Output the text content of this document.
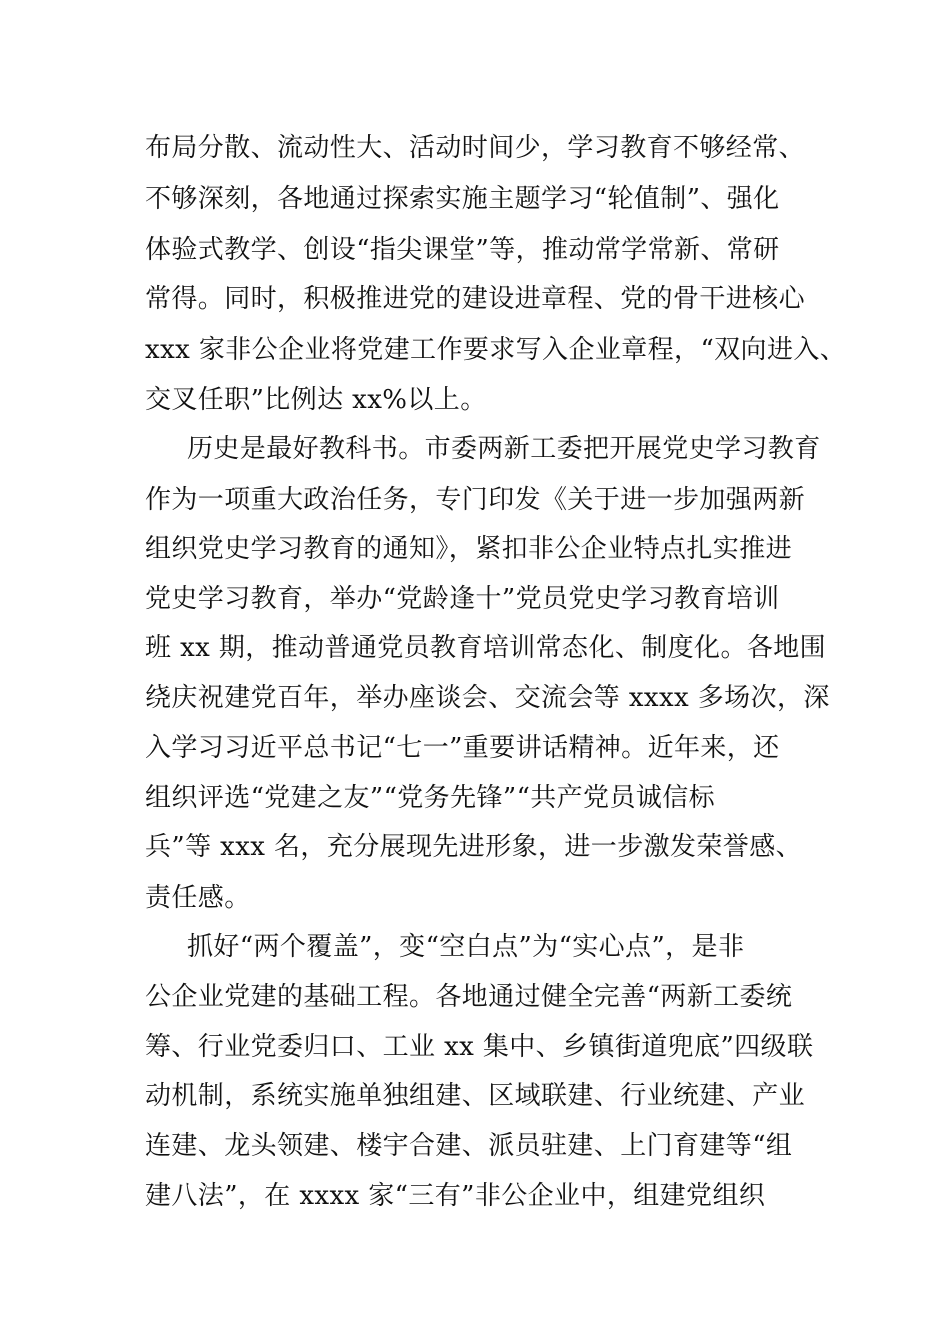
布局分散、流动性大、活动时间少，学习教育不够经常、

不够深刻，各地通过探索实施主题学习“轮值制”、强化

体验式教学、创设“指尖课堂”等，推动常学常新、常研

常得。同时，积极推进党的建设进章程、党的骨干进核心

xxx 家非公企业将党建工作要求写入企业章程，“双向进入、

交叉任职”比例达 xx%以上。

历史是最好教科书。市委两新工委把开展党史学习教育

作为一项重大政治任务，专门印发《关于进一步加强两新

组织党史学习教育的通知》，紧扣非公企业特点扎实推进

党史学习教育，举办“党龄逢十”党员党史学习教育培训

班 xx 期，推动普通党员教育培训常态化、制度化。各地围

绕庆祝建党百年，举办座谈会、交流会等 xxxx 多场次，深

入学习习近平总书记“七一”重要讲话精神。近年来，还

组织评选“党建之友”“党务先锋”“共产党员诚信标

兵”等 xxx 名，充分展现先进形象，进一步激发荣誉感、

责任感。

抓好“两个覆盖”，变“空白点”为“实心点”，是非

公企业党建的基础工程。各地通过健全完善“两新工委统

筹、行业党委归口、工业 xx 集中、乡镇街道兜底”四级联

动机制，系统实施单独组建、区域联建、行业统建、产业

连建、龙头领建、楼宇合建、派员驻建、上门育建等“组

建八法”，在 xxxx 家“三有”非公企业中，组建党组织
